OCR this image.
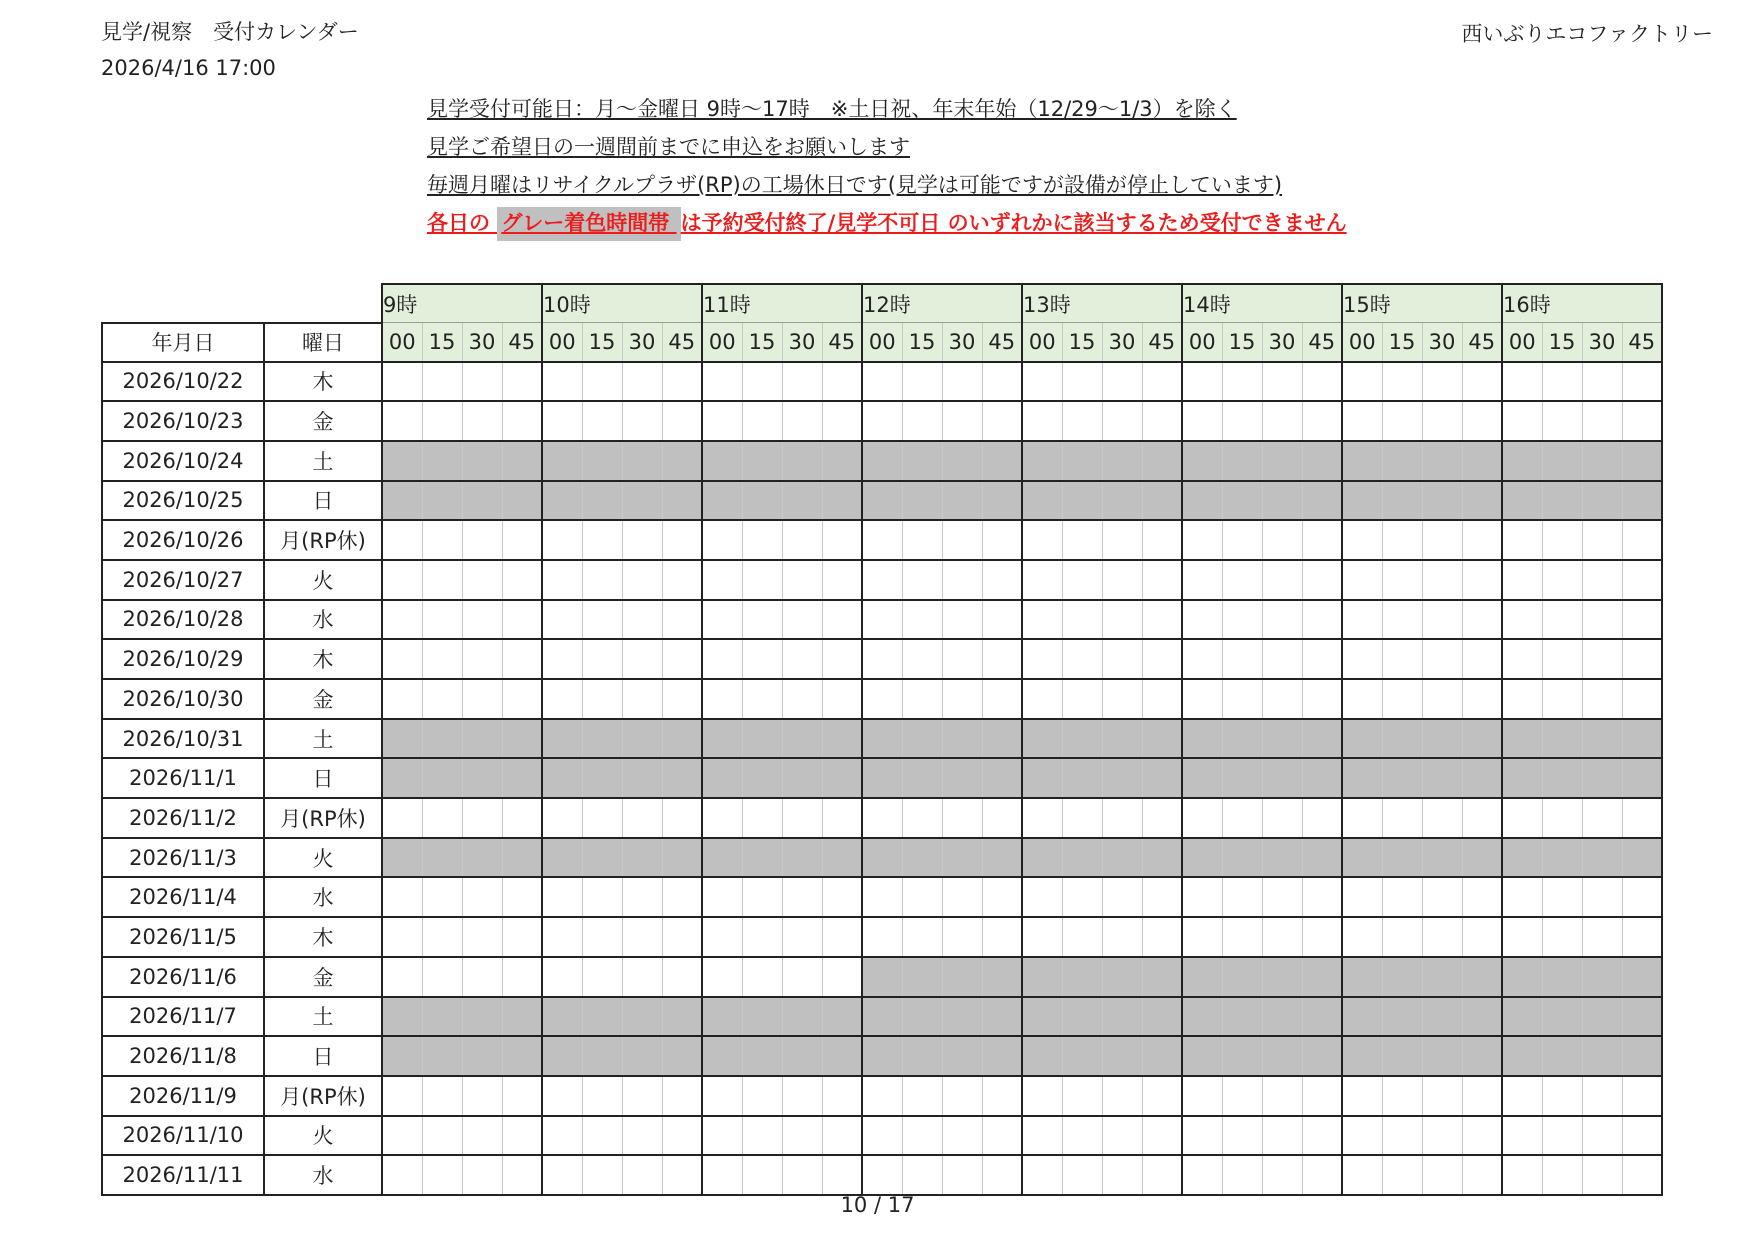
見学/視察　受付カレンダー
2026/4/16 17:00
西いぶりエコファクトリー
見学受付可能日：月～金曜日 9時～17時　※土日祝、年末年始（12/29～1/3）を除く
見学ご希望日の一週間前までに申込をお願いします
毎週月曜はリサイクルプラザ(RP)の工場休日です(見学は可能ですが設備が停止しています)
各日の グレー着色時間帯 は予約受付終了/見学不可日 のいずれかに該当するため受付できません
		9時				10時				11時				12時				13時				14時				15時				16時			
年月日	曜日	00	15	30	45	00	15	30	45	00	15	30	45	00	15	30	45	00	15	30	45	00	15	30	45	00	15	30	45	00	15	30	45
2026/10/22	木																																
2026/10/23	金																																
2026/10/24	土																																
2026/10/25	日																																
2026/10/26	月(RP休)																																
2026/10/27	火																																
2026/10/28	水																																
2026/10/29	木																																
2026/10/30	金																																
2026/10/31	土																																
2026/11/1	日																																
2026/11/2	月(RP休)																																
2026/11/3	火																																
2026/11/4	水																																
2026/11/5	木																																
2026/11/6	金																																
2026/11/7	土																																
2026/11/8	日																																
2026/11/9	月(RP休)																																
2026/11/10	火																																
2026/11/11	水																																
10 / 17
